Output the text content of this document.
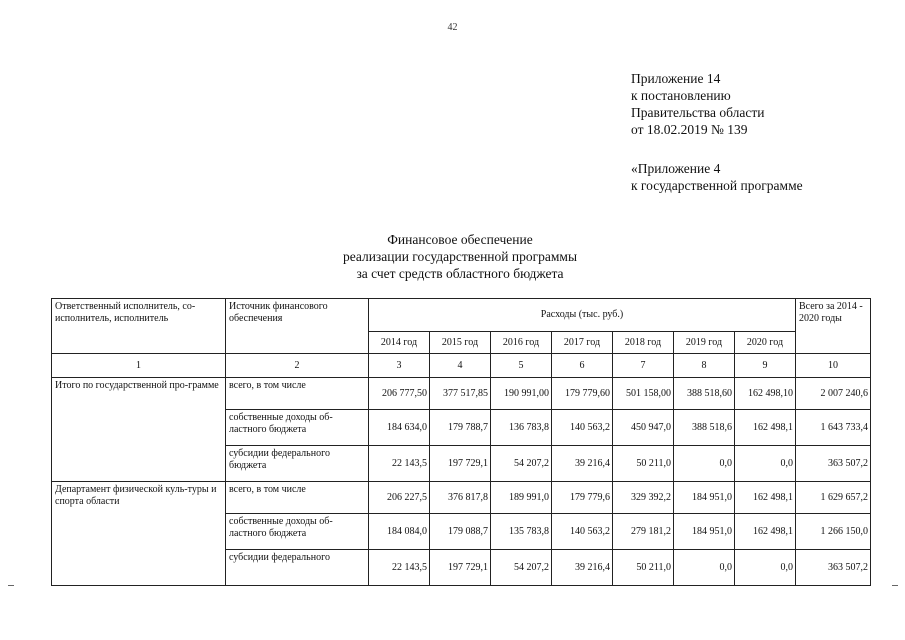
42
Приложение 14
к постановлению
Правительства области
от 18.02.2019 № 139
«Приложение 4
к государственной программе
Финансовое обеспечение
реализации государственной программы
за счет средств областного бюджета
Ответственный исполнитель, со-исполнитель, исполнитель	Источник финансового обеспечения	Расходы (тыс. руб.)							Всего за 2014 - 2020 годы
		2014 год	2015 год	2016 год	2017 год	2018 год	2019 год	2020 год	
1	2	3	4	5	6	7	8	9	10
Итого по государственной про-грамме	всего, в том числе	206 777,50	377 517,85	190 991,00	179 779,60	501 158,00	388 518,60	162 498,10	2 007 240,6
	собственные доходы об-ластного бюджета	184 634,0	179 788,7	136 783,8	140 563,2	450 947,0	388 518,6	162 498,1	1 643 733,4
	субсидии федерального бюджета	22 143,5	197 729,1	54 207,2	39 216,4	50 211,0	0,0	0,0	363 507,2
Департамент физической куль-туры и спорта области	всего, в том числе	206 227,5	376 817,8	189 991,0	179 779,6	329 392,2	184 951,0	162 498,1	1 629 657,2
	собственные доходы об-ластного бюджета	184 084,0	179 088,7	135 783,8	140 563,2	279 181,2	184 951,0	162 498,1	1 266 150,0
	субсидии федерального	22 143,5	197 729,1	54 207,2	39 216,4	50 211,0	0,0	0,0	363 507,2
